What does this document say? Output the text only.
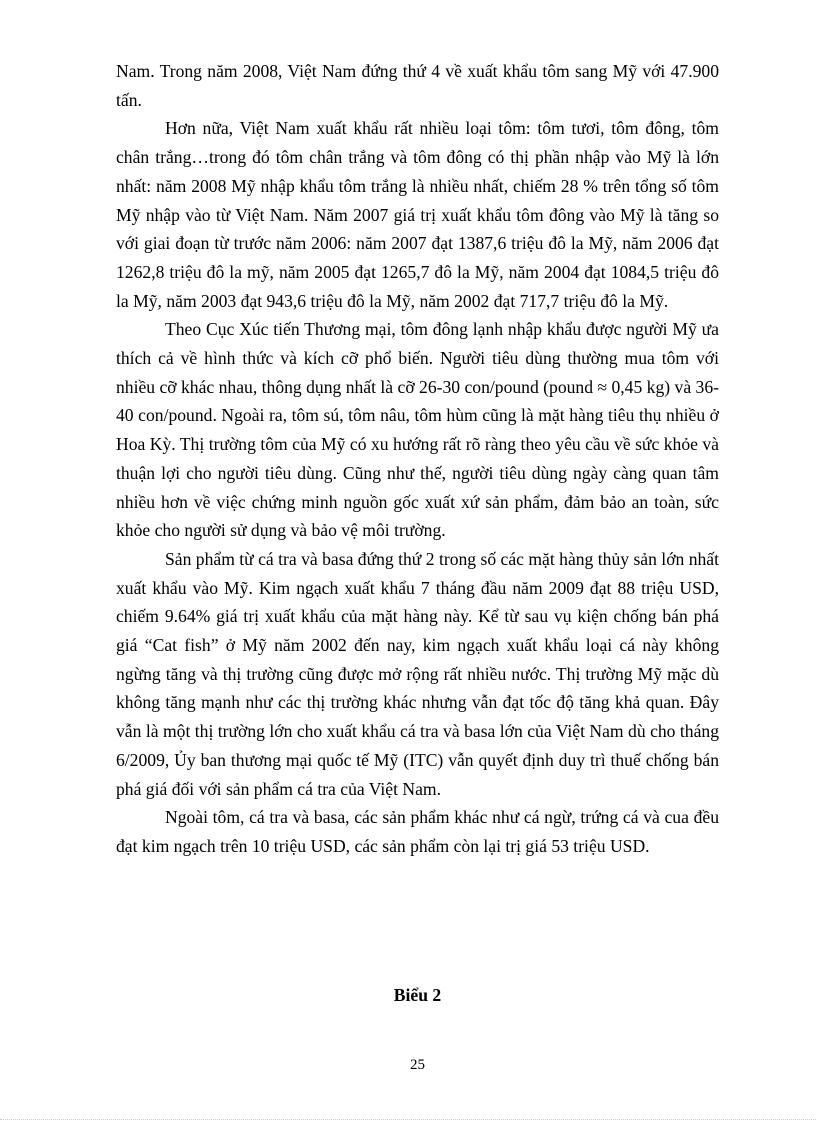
Nam. Trong năm 2008, Việt Nam đứng thứ 4 về xuất khẩu tôm sang Mỹ với 47.900 tấn.

Hơn nữa, Việt Nam xuất khẩu rất nhiều loại tôm: tôm tươi, tôm đông, tôm chân trắng…trong đó tôm chân trắng và tôm đông có thị phần nhập vào Mỹ là lớn nhất: năm 2008 Mỹ nhập khẩu tôm trắng là nhiều nhất, chiếm 28 % trên tổng số tôm Mỹ nhập vào từ Việt Nam. Năm 2007 giá trị xuất khẩu tôm đông vào Mỹ là tăng so với giai đoạn từ trước năm 2006: năm 2007 đạt 1387,6 triệu đô la Mỹ, năm 2006 đạt 1262,8 triệu đô la mỹ, năm 2005 đạt 1265,7 đô la Mỹ, năm 2004 đạt 1084,5 triệu đô la Mỹ, năm 2003 đạt 943,6 triệu đô la Mỹ, năm 2002 đạt 717,7 triệu đô la Mỹ.

Theo Cục Xúc tiến Thương mại, tôm đông lạnh nhập khẩu được người Mỹ ưa thích cả về hình thức và kích cỡ phổ biến. Người tiêu dùng thường mua tôm với nhiều cỡ khác nhau, thông dụng nhất là cỡ 26-30 con/pound (pound ≈ 0,45 kg) và 36-40 con/pound. Ngoài ra, tôm sú, tôm nâu, tôm hùm cũng là mặt hàng tiêu thụ nhiều ở Hoa Kỳ. Thị trường tôm của Mỹ có xu hướng rất rõ ràng theo yêu cầu về sức khỏe và thuận lợi cho người tiêu dùng. Cũng như thế, người tiêu dùng ngày càng quan tâm nhiều hơn về việc chứng minh nguồn gốc xuất xứ sản phẩm, đảm bảo an toàn, sức khỏe cho người sử dụng và bảo vệ môi trường.

Sản phẩm từ cá tra và basa đứng thứ 2 trong số các mặt hàng thủy sản lớn nhất xuất khẩu vào Mỹ. Kim ngạch xuất khẩu 7 tháng đầu năm 2009 đạt 88 triệu USD, chiếm 9.64% giá trị xuất khẩu của mặt hàng này. Kể từ sau vụ kiện chống bán phá giá “Cat fish” ở Mỹ năm 2002 đến nay, kim ngạch xuất khẩu loại cá này không ngừng tăng và thị trường cũng được mở rộng rất nhiều nước. Thị trường Mỹ mặc dù không tăng mạnh như các thị trường khác nhưng vẫn đạt tốc độ tăng khả quan. Đây vẫn là một thị trường lớn cho xuất khẩu cá tra và basa lớn của Việt Nam dù cho tháng 6/2009, Ủy ban thương mại quốc tế Mỹ (ITC) vẫn quyết định duy trì thuế chống bán phá giá đối với sản phẩm cá tra của Việt Nam.

Ngoài tôm, cá tra và basa, các sản phẩm khác như cá ngừ, trứng cá và cua đều đạt kim ngạch trên 10 triệu USD, các sản phẩm còn lại trị giá 53 triệu USD.

Biểu 2
25
